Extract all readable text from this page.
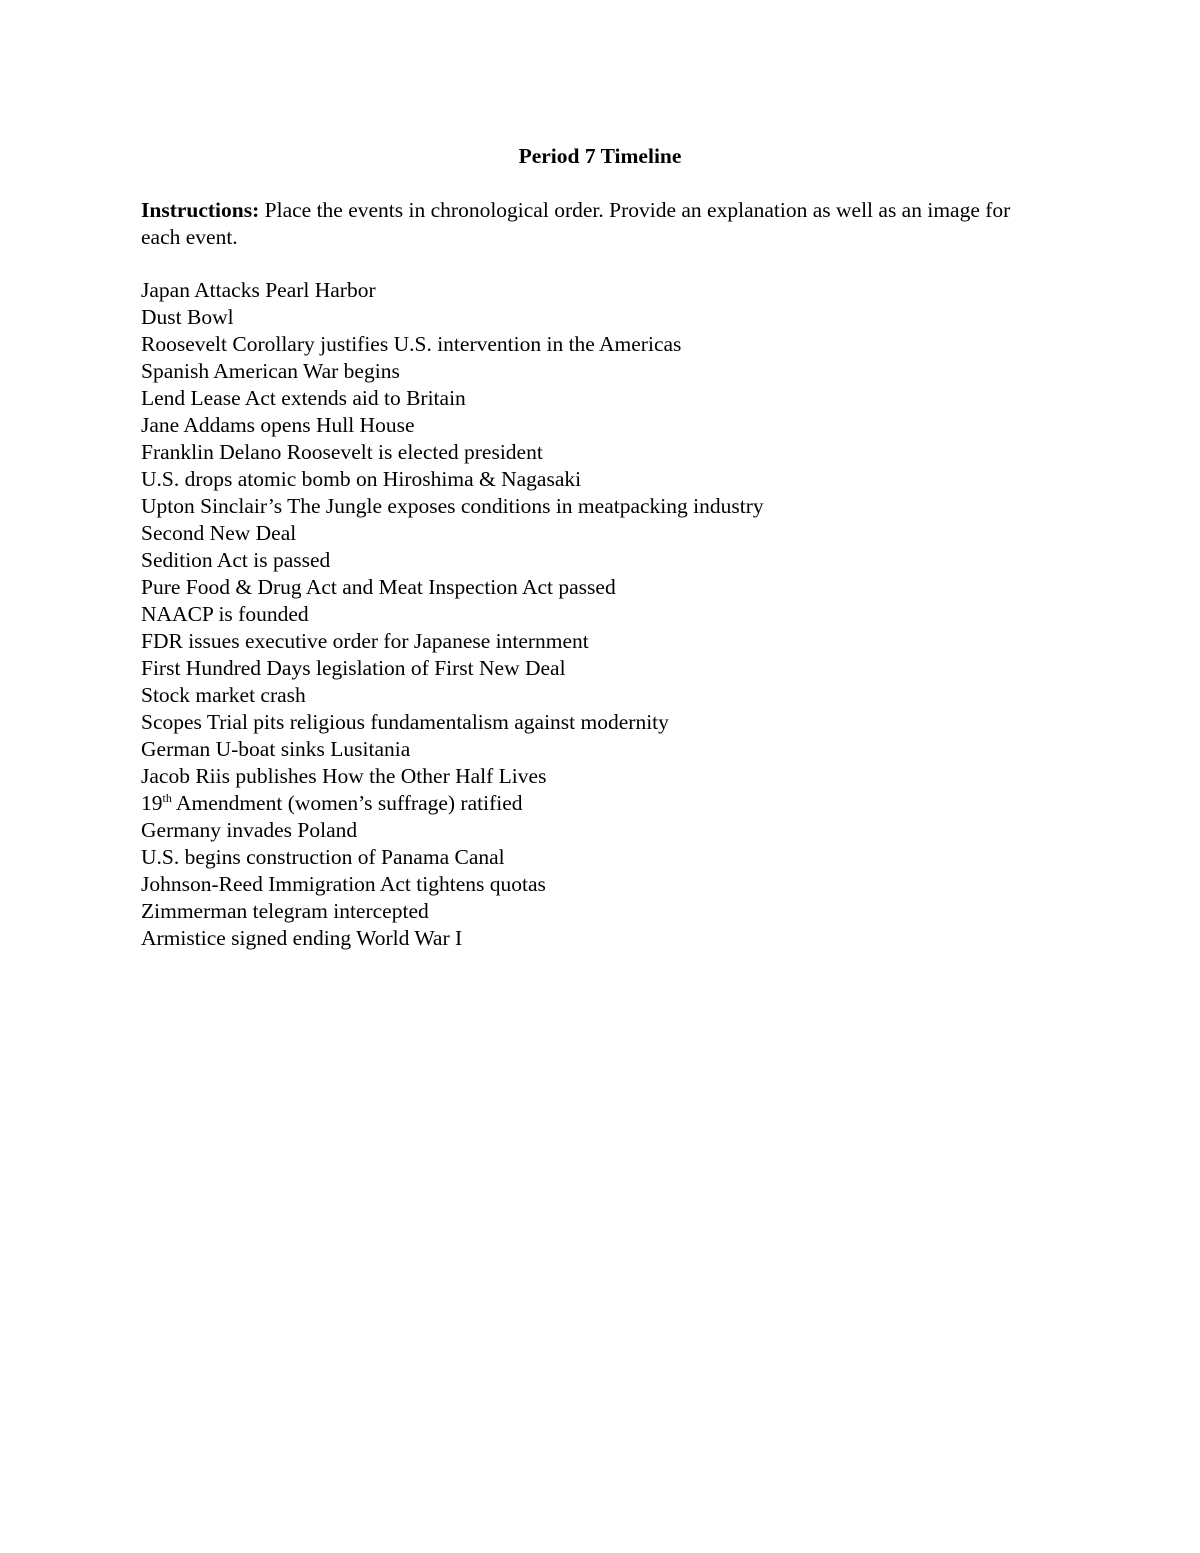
Period 7 Timeline

Instructions: Place the events in chronological order. Provide an explanation as well as an image for each event.

Japan Attacks Pearl Harbor
Dust Bowl
Roosevelt Corollary justifies U.S. intervention in the Americas
Spanish American War begins
Lend Lease Act extends aid to Britain
Jane Addams opens Hull House
Franklin Delano Roosevelt is elected president
U.S. drops atomic bomb on Hiroshima & Nagasaki
Upton Sinclair’s The Jungle exposes conditions in meatpacking industry
Second New Deal
Sedition Act is passed
Pure Food & Drug Act and Meat Inspection Act passed
NAACP is founded
FDR issues executive order for Japanese internment
First Hundred Days legislation of First New Deal
Stock market crash
Scopes Trial pits religious fundamentalism against modernity
German U-boat sinks Lusitania
Jacob Riis publishes How the Other Half Lives
19th Amendment (women’s suffrage) ratified
Germany invades Poland
U.S. begins construction of Panama Canal
Johnson-Reed Immigration Act tightens quotas
Zimmerman telegram intercepted
Armistice signed ending World War I
